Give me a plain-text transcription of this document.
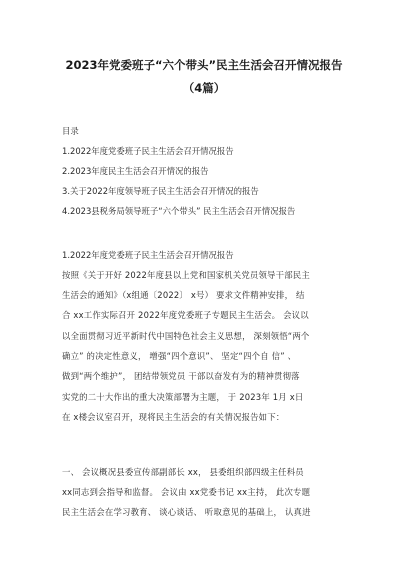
2023年党委班子“六个带头”民主生活会召开情况报告
（4篇）
目录
1.2022年度党委班子民主生活会召开情况报告
2.2023年度民主生活会召开情况的报告
3.关于2022年度领导班子民主生活会召开情况的报告
4.2023县税务局领导班子“六个带头” 民主生活会召开情况报告
1.2022年度党委班子民主生活会召开情况报告
按照《关于开好 2022年度县以上党和国家机关党员领导干部民主
生活会的通知》（x组通〔2022〕 x号） 要求文件精神安排， 结
合 xx工作实际召开 2022年度党委班子专题民主生活会。 会议以
以全面贯彻习近平新时代中国特色社会主义思想， 深刻领悟“两个
确立” 的决定性意义， 增强“四个意识”、 坚定“四个自 信” 、
做到“两个维护”， 团结带领党员 干部以奋发有为的精神贯彻落
实党的二十大作出的重大决策部署为主题， 于 2023年 1月 x日
在 x楼会议室召开，现将民主生活会的有关情况报告如下：
一、 会议概况县委宣传部副部长 xx， 县委组织部四级主任科员
xx同志到会指导和监督。 会议由 xx党委书记 xx主持， 此次专题
民主生活会在学习教育、 谈心谈话、 听取意见的基础上， 认真进
